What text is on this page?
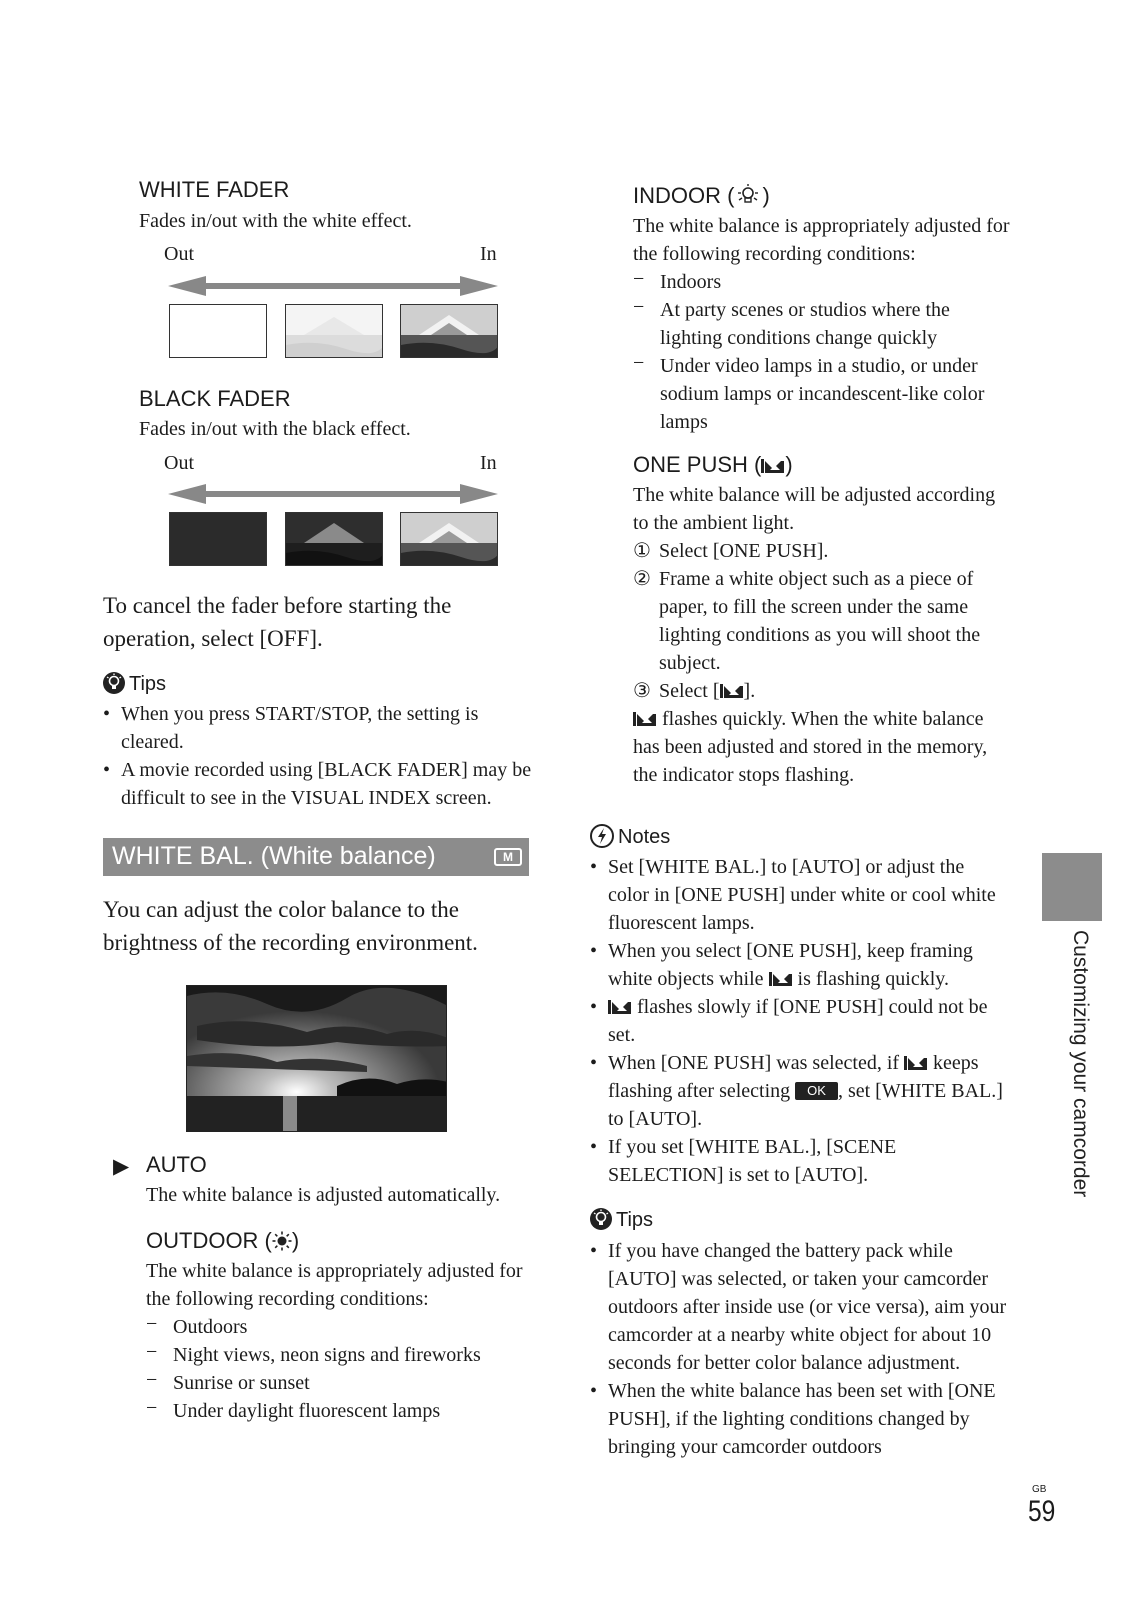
WHITE FADER
Fades in/out with the white effect.
Out	In
BLACK FADER
Fades in/out with the black effect.
Out	In
To cancel the fader before starting the operation, select [OFF].
Tips
• When you press START/STOP, the setting is cleared.
• A movie recorded using [BLACK FADER] may be difficult to see in the VISUAL INDEX screen.
WHITE BAL. (White balance)	M
You can adjust the color balance to the brightness of the recording environment.
▶ AUTO
The white balance is adjusted automatically.
OUTDOOR ( )
The white balance is appropriately adjusted for the following recording conditions:
− Outdoors
− Night views, neon signs and fireworks
− Sunrise or sunset
− Under daylight fluorescent lamps
INDOOR ( )
The white balance is appropriately adjusted for the following recording conditions:
− Indoors
− At party scenes or studios where the lighting conditions change quickly
− Under video lamps in a studio, or under sodium lamps or incandescent-like color lamps
ONE PUSH ( )
The white balance will be adjusted according to the ambient light.
① Select [ONE PUSH].
② Frame a white object such as a piece of paper, to fill the screen under the same lighting conditions as you will shoot the subject.
③ Select [ ].
flashes quickly. When the white balance has been adjusted and stored in the memory, the indicator stops flashing.
Notes
• Set [WHITE BAL.] to [AUTO] or adjust the color in [ONE PUSH] under white or cool white fluorescent lamps.
• When you select [ONE PUSH], keep framing white objects while is flashing quickly.
• flashes slowly if [ONE PUSH] could not be set.
• When [ONE PUSH] was selected, if keeps flashing after selecting OK , set [WHITE BAL.] to [AUTO].
• If you set [WHITE BAL.], [SCENE SELECTION] is set to [AUTO].
Tips
• If you have changed the battery pack while [AUTO] was selected, or taken your camcorder outdoors after inside use (or vice versa), aim your camcorder at a nearby white object for about 10 seconds for better color balance adjustment.
• When the white balance has been set with [ONE PUSH], if the lighting conditions changed by bringing your camcorder outdoors
Customizing your camcorder
GB
59
